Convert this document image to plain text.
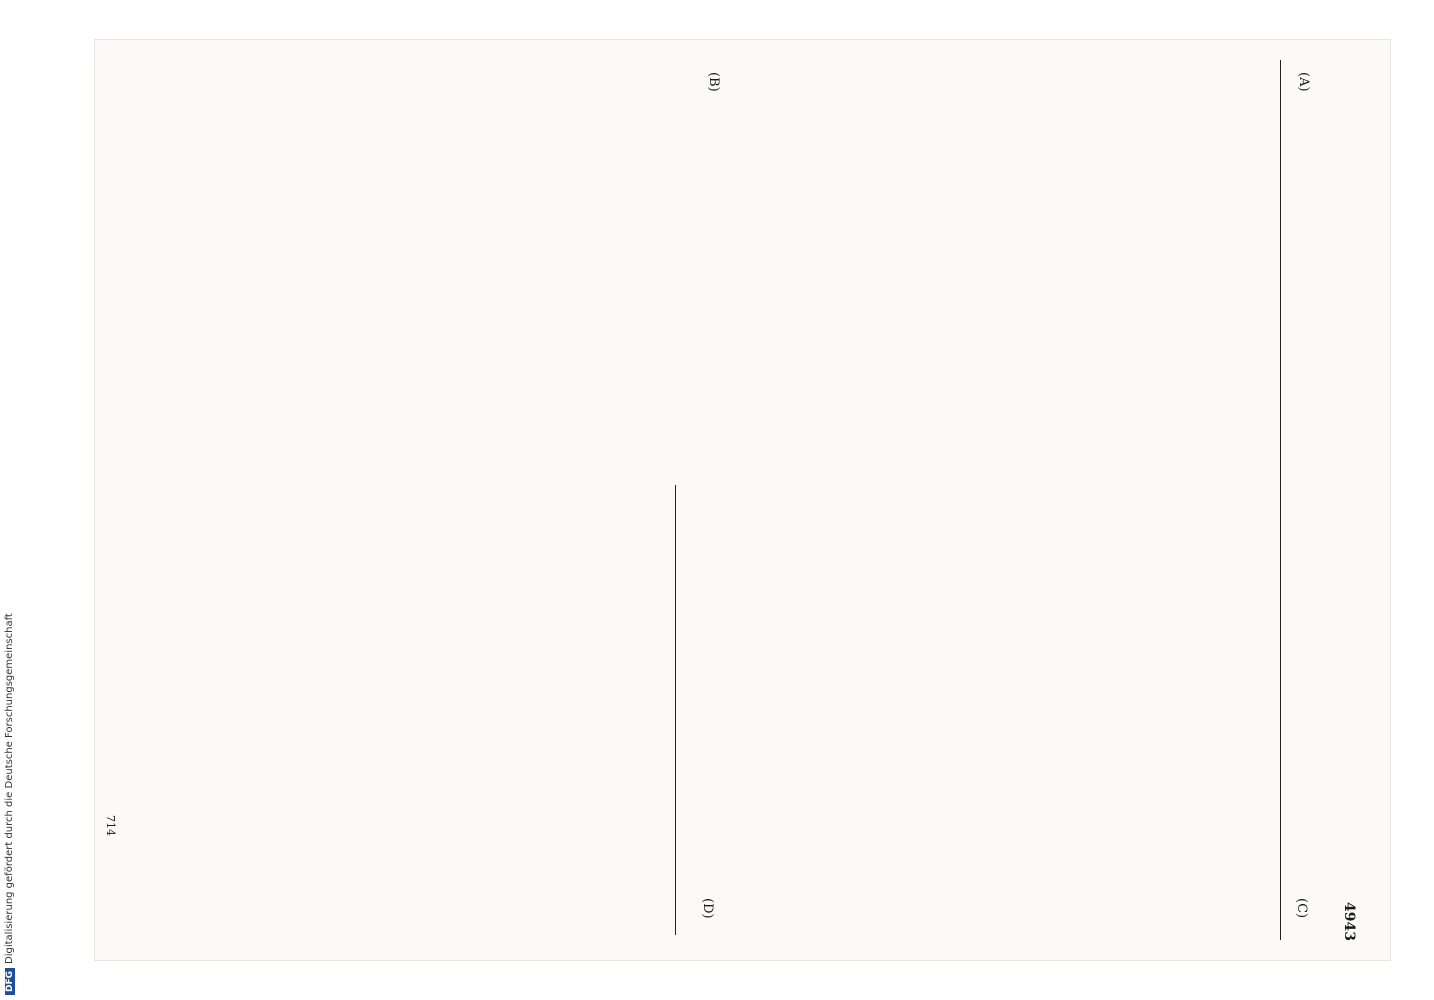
4943
(A)
(B)
(C)
(D)
714
DFGDigitalisierung gefördert durch die Deutsche Forschungsgemeinschaft
